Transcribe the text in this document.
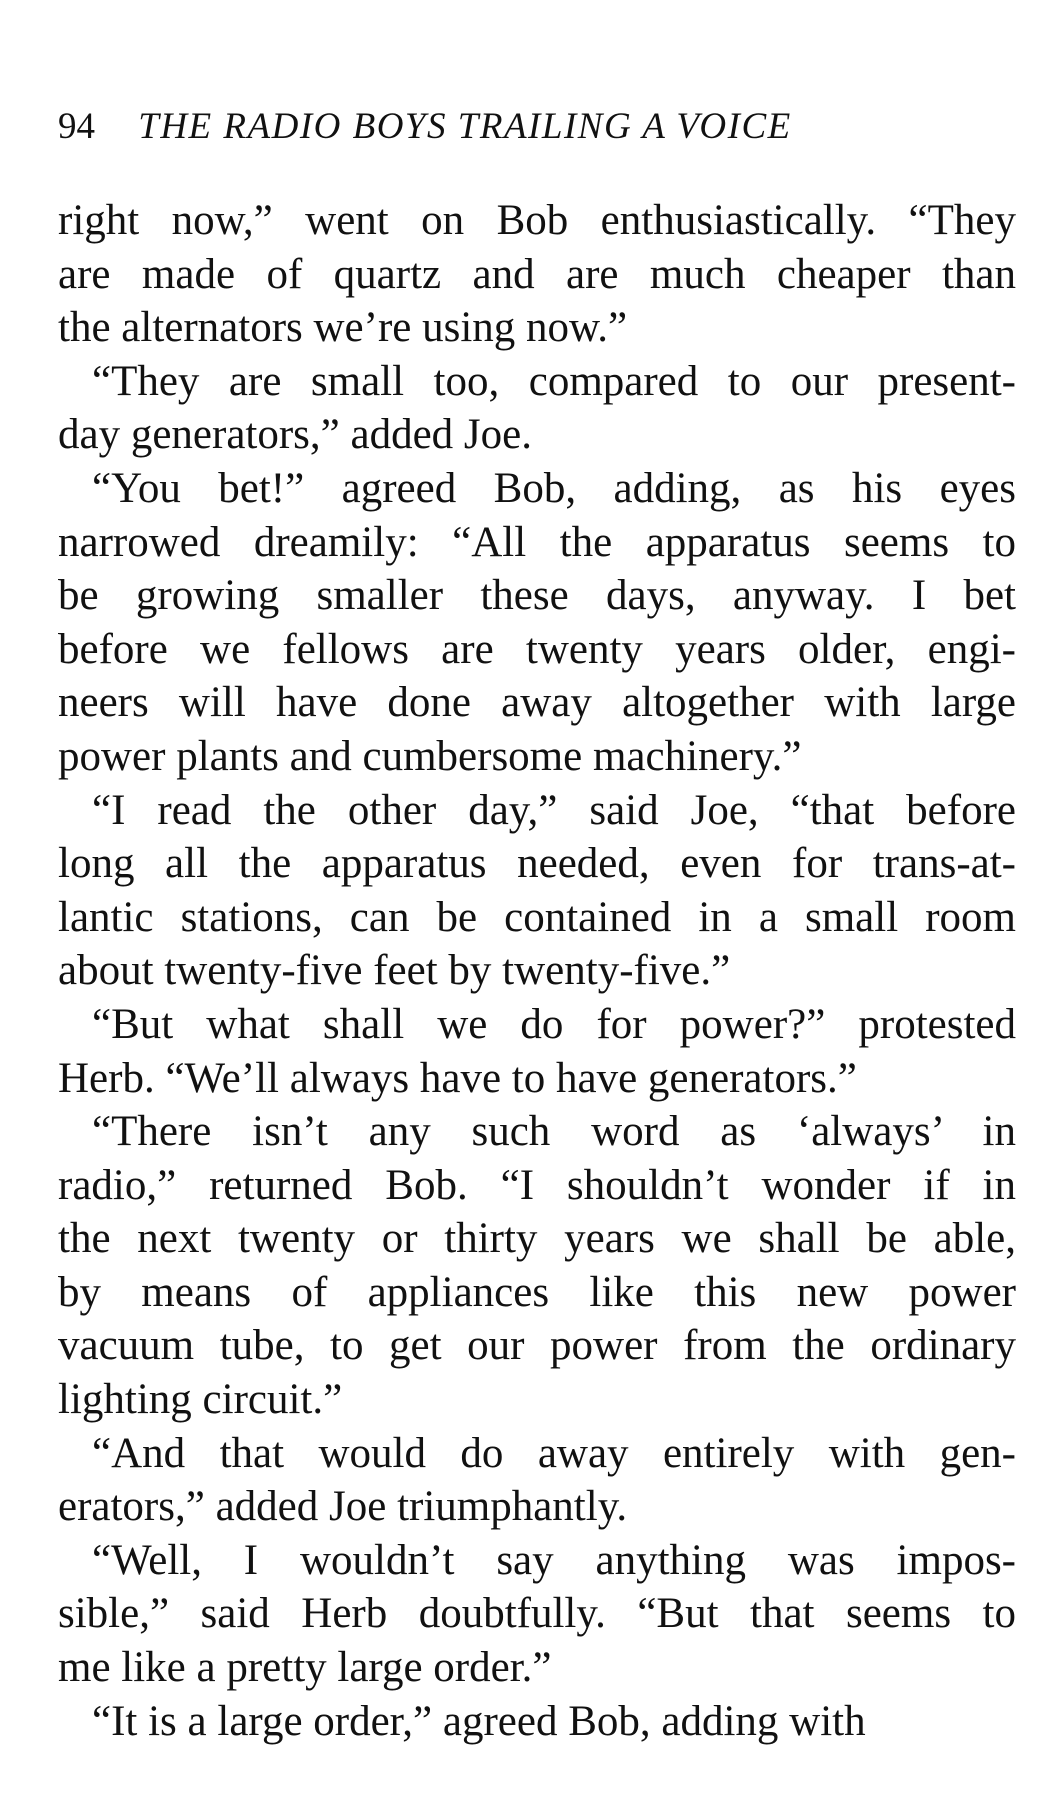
94 THE RADIO BOYS TRAILING A VOICE
right now,” went on Bob enthusiastically. “They
are made of quartz and are much cheaper than
the alternators we’re using now.”
“They are small too, compared to our present-
day generators,” added Joe.
“You bet!” agreed Bob, adding, as his eyes
narrowed dreamily: “All the apparatus seems to
be growing smaller these days, anyway. I bet
before we fellows are twenty years older, engi-
neers will have done away altogether with large
power plants and cumbersome machinery.”
“I read the other day,” said Joe, “that before
long all the apparatus needed, even for trans-at-
lantic stations, can be contained in a small room
about twenty-five feet by twenty-five.”
“But what shall we do for power?” protested
Herb. “We’ll always have to have generators.”
“There isn’t any such word as ‘always’ in
radio,” returned Bob. “I shouldn’t wonder if in
the next twenty or thirty years we shall be able,
by means of appliances like this new power
vacuum tube, to get our power from the ordinary
lighting circuit.”
“And that would do away entirely with gen-
erators,” added Joe triumphantly.
“Well, I wouldn’t say anything was impos-
sible,” said Herb doubtfully. “But that seems to
me like a pretty large order.”
“It is a large order,” agreed Bob, adding with
